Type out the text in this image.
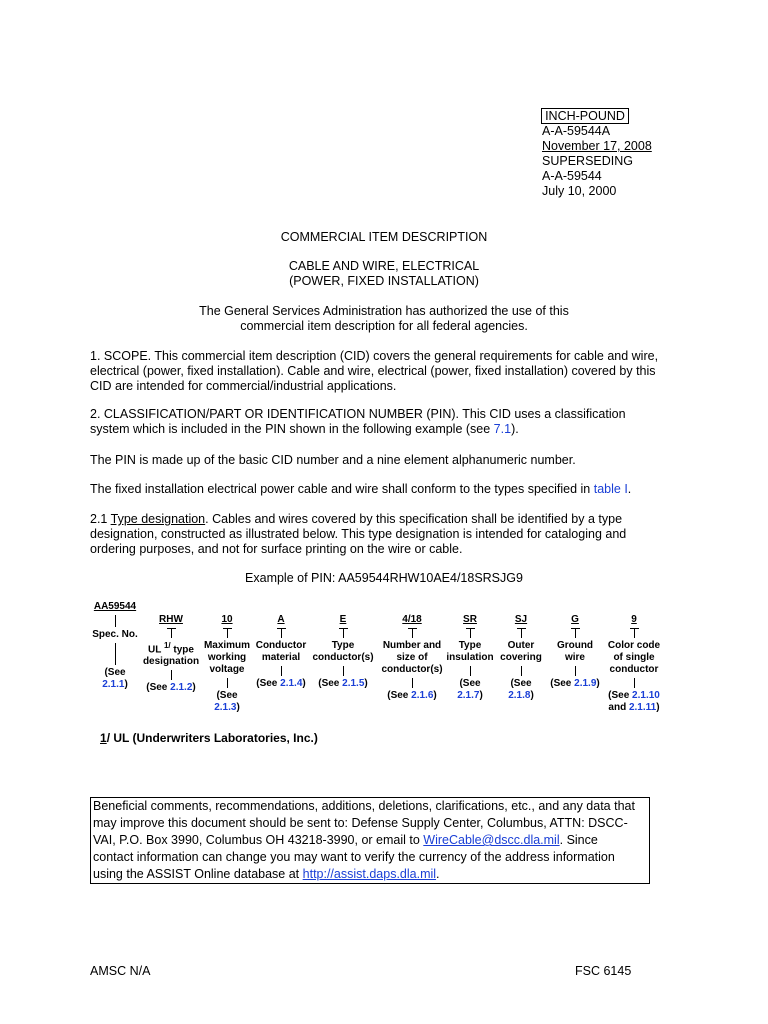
INCH-POUND
A-A-59544A
November 17, 2008
SUPERSEDING
A-A-59544
July 10, 2000
COMMERCIAL ITEM DESCRIPTION
CABLE AND WIRE, ELECTRICAL
(POWER, FIXED INSTALLATION)
The General Services Administration has authorized the use of this
commercial item description for all federal agencies.
1. SCOPE. This commercial item description (CID) covers the general requirements for cable and wire,
electrical (power, fixed installation). Cable and wire, electrical (power, fixed installation) covered by this
CID are intended for commercial/industrial applications.
2. CLASSIFICATION/PART OR IDENTIFICATION NUMBER (PIN). This CID uses a classification
system which is included in the PIN shown in the following example (see 7.1).
The PIN is made up of the basic CID number and a nine element alphanumeric number.
The fixed installation electrical power cable and wire shall conform to the types specified in table I.
2.1 Type designation. Cables and wires covered by this specification shall be identified by a type
designation, constructed as illustrated below. This type designation is intended for cataloging and
ordering purposes, and not for surface printing on the wire or cable.
Example of PIN: AA59544RHW10AE4/18SRSJG9
AA59544
Spec. No.
(See
2.1.1)
RHW
UL $^{1/}$ type
designation
(See 2.1.2)
10
Maximum
working
voltage
(See
2.1.3)
A
Conductor
material
(See 2.1.4)
E
Type
conductor(s)
(See 2.1.5)
4/18
Number and
size of
conductor(s)
(See 2.1.6)
SR
Type
insulation
(See
2.1.7)
SJ
Outer
covering
(See
2.1.8)
G
Ground
wire
(See 2.1.9)
9
Color code
of single
conductor
(See 2.1.10
and 2.1.11)
1/ UL (Underwriters Laboratories, Inc.)
Beneficial comments, recommendations, additions, deletions, clarifications, etc., and any data that
may improve this document should be sent to: Defense Supply Center, Columbus, ATTN: DSCC-
VAI, P.O. Box 3990, Columbus OH 43218-3990, or email to WireCable@dscc.dla.mil. Since
contact information can change you may want to verify the currency of the address information
using the ASSIST Online database at http://assist.daps.dla.mil.
AMSC N/A	FSC 6145
